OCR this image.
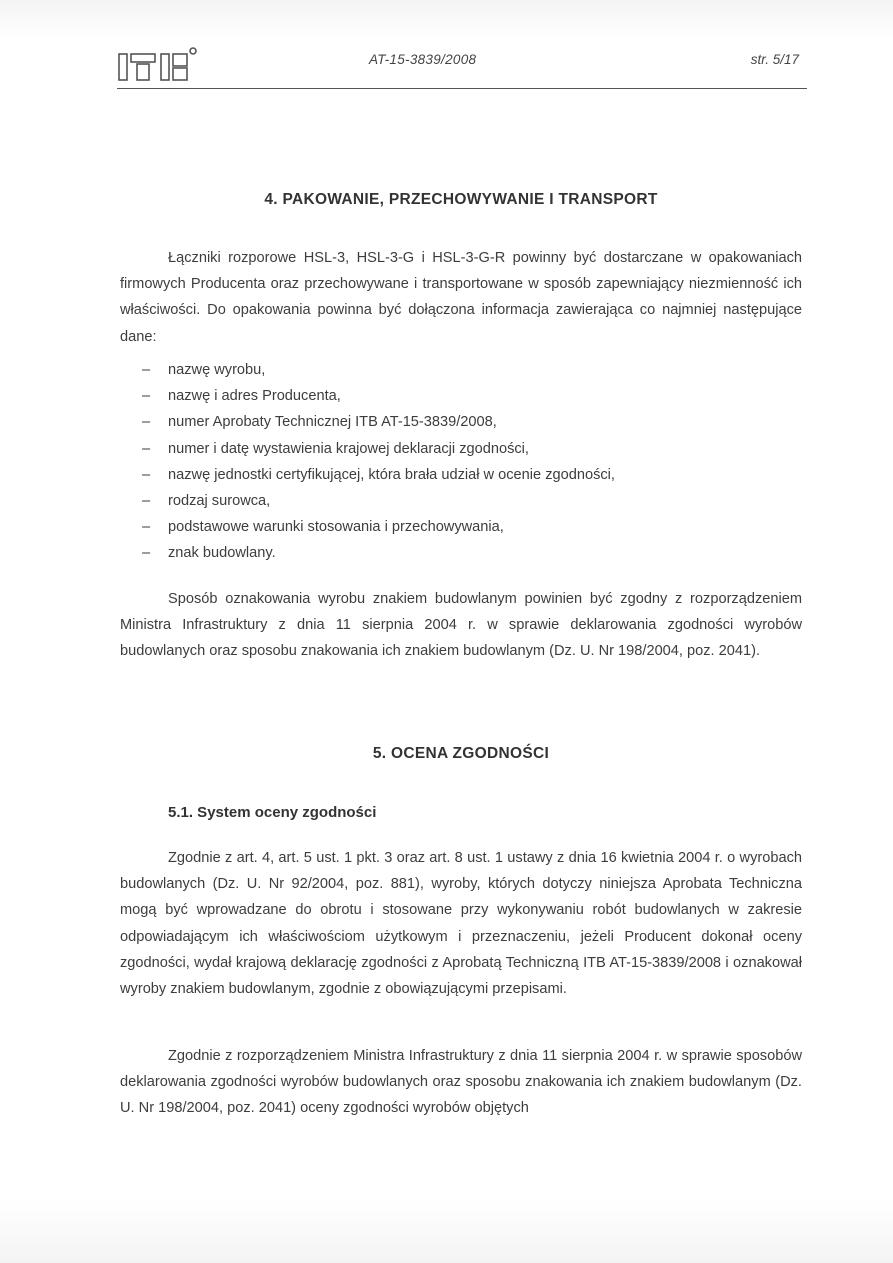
AT-15-3839/2008	str. 5/17
4. PAKOWANIE, PRZECHOWYWANIE I TRANSPORT
Łączniki rozporowe HSL-3, HSL-3-G i HSL-3-G-R powinny być dostarczane w opakowaniach firmowych Producenta oraz przechowywane i transportowane w sposób zapewniający niezmienność ich właściwości. Do opakowania powinna być dołączona informacja zawierająca co najmniej następujące dane:
– nazwę wyrobu,
– nazwę i adres Producenta,
– numer Aprobaty Technicznej ITB AT-15-3839/2008,
– numer i datę wystawienia krajowej deklaracji zgodności,
– nazwę jednostki certyfikującej, która brała udział w ocenie zgodności,
– rodzaj surowca,
– podstawowe warunki stosowania i przechowywania,
– znak budowlany.
Sposób oznakowania wyrobu znakiem budowlanym powinien być zgodny z rozporządzeniem Ministra Infrastruktury z dnia 11 sierpnia 2004 r. w sprawie deklarowania zgodności wyrobów budowlanych oraz sposobu znakowania ich znakiem budowlanym (Dz. U. Nr 198/2004, poz. 2041).
5. OCENA ZGODNOŚCI
5.1. System oceny zgodności
Zgodnie z art. 4, art. 5 ust. 1 pkt. 3 oraz art. 8 ust. 1 ustawy z dnia 16 kwietnia 2004 r. o wyrobach budowlanych (Dz. U. Nr 92/2004, poz. 881), wyroby, których dotyczy niniejsza Aprobata Techniczna mogą być wprowadzane do obrotu i stosowane przy wykonywaniu robót budowlanych w zakresie odpowiadającym ich właściwościom użytkowym i przeznaczeniu, jeżeli Producent dokonał oceny zgodności, wydał krajową deklarację zgodności z Aprobatą Techniczną ITB AT-15-3839/2008 i oznakował wyroby znakiem budowlanym, zgodnie z obowiązującymi przepisami.
Zgodnie z rozporządzeniem Ministra Infrastruktury z dnia 11 sierpnia 2004 r. w sprawie sposobów deklarowania zgodności wyrobów budowlanych oraz sposobu znakowania ich znakiem budowlanym (Dz. U. Nr 198/2004, poz. 2041) oceny zgodności wyrobów objętych
